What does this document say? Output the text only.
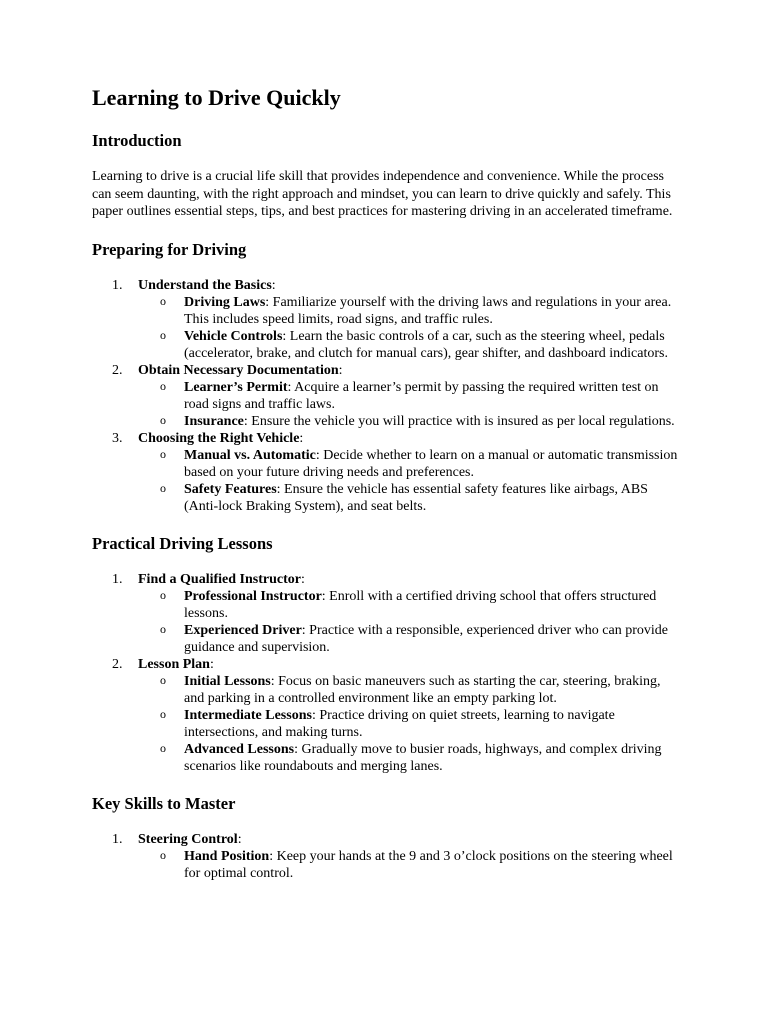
Learning to Drive Quickly
Introduction

Learning to drive is a crucial life skill that provides independence and convenience. While the process can seem daunting, with the right approach and mindset, you can learn to drive quickly and safely. This paper outlines essential steps, tips, and best practices for mastering driving in an accelerated timeframe.

Preparing for Driving
1. Understand the Basics:
o Driving Laws: Familiarize yourself with the driving laws and regulations in your area. This includes speed limits, road signs, and traffic rules.
o Vehicle Controls: Learn the basic controls of a car, such as the steering wheel, pedals (accelerator, brake, and clutch for manual cars), gear shifter, and dashboard indicators.
2. Obtain Necessary Documentation:
o Learner’s Permit: Acquire a learner’s permit by passing the required written test on road signs and traffic laws.
o Insurance: Ensure the vehicle you will practice with is insured as per local regulations.
3. Choosing the Right Vehicle:
o Manual vs. Automatic: Decide whether to learn on a manual or automatic transmission based on your future driving needs and preferences.
o Safety Features: Ensure the vehicle has essential safety features like airbags, ABS (Anti-lock Braking System), and seat belts.
Practical Driving Lessons
1. Find a Qualified Instructor:
o Professional Instructor: Enroll with a certified driving school that offers structured lessons.
o Experienced Driver: Practice with a responsible, experienced driver who can provide guidance and supervision.
2. Lesson Plan:
o Initial Lessons: Focus on basic maneuvers such as starting the car, steering, braking, and parking in a controlled environment like an empty parking lot.
o Intermediate Lessons: Practice driving on quiet streets, learning to navigate intersections, and making turns.
o Advanced Lessons: Gradually move to busier roads, highways, and complex driving scenarios like roundabouts and merging lanes.
Key Skills to Master
1. Steering Control:
o Hand Position: Keep your hands at the 9 and 3 o’clock positions on the steering wheel for optimal control.
